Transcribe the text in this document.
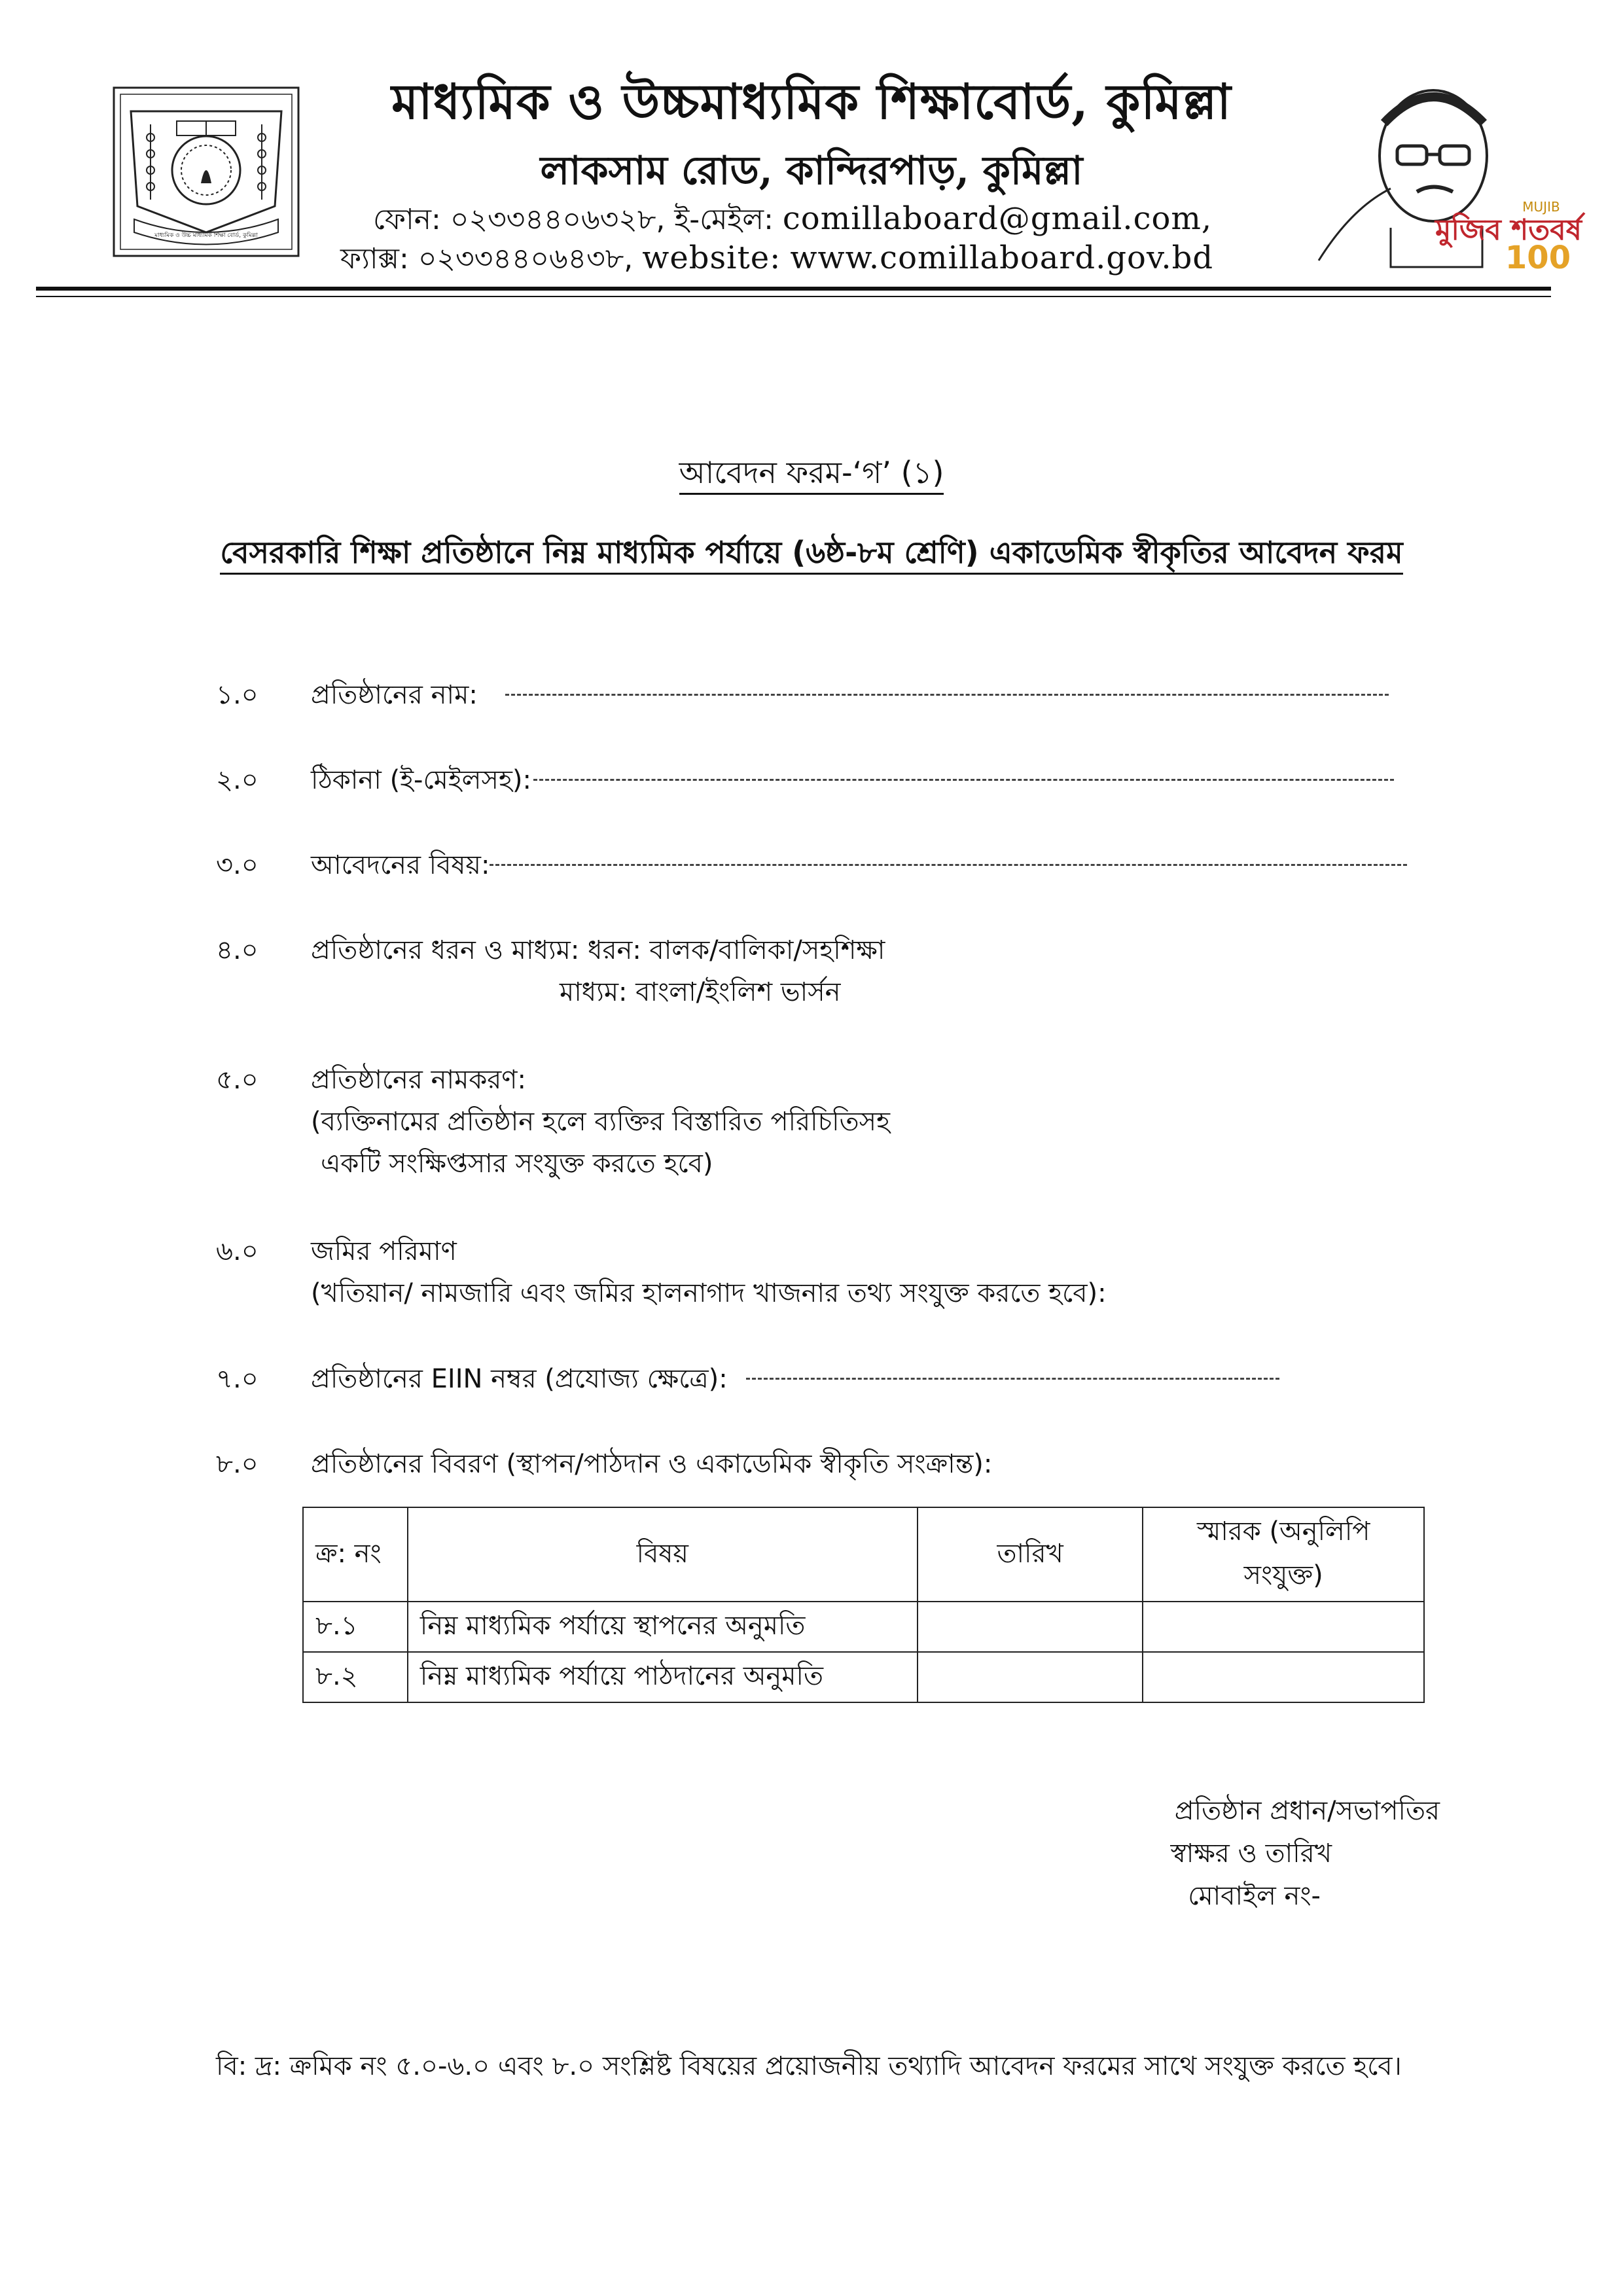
মাধ্যমিক ও উচ্চ মাধ্যমিক শিক্ষা বোর্ড, কুমিল্লা
মাধ্যমিক ও উচ্চমাধ্যমিক শিক্ষাবোর্ড, কুমিল্লা
লাকসাম রোড, কান্দিরপাড়, কুমিল্লা
ফোন: ০২৩৩৪৪০৬৩২৮, ই-মেইল: comillaboard@gmail.com,
ফ্যাক্স: ০২৩৩৪৪০৬৪৩৮, website: www.comillaboard.gov.bd
মুজিব শতবর্ষ
MUJIB
100
আবেদন ফরম-‘গ’ (১)
বেসরকারি শিক্ষা প্রতিষ্ঠানে নিম্ন মাধ্যমিক পর্যায়ে (৬ষ্ঠ-৮ম শ্রেণি) একাডেমিক স্বীকৃতির আবেদন ফরম
১.০ প্রতিষ্ঠানের নাম:
২.০ ঠিকানা (ই-মেইলসহ):
৩.০ আবেদনের বিষয়:
৪.০ প্রতিষ্ঠানের ধরন ও মাধ্যম: ধরন: বালক/বালিকা/সহশিক্ষা
মাধ্যম: বাংলা/ইংলিশ ভার্সন
৫.০ প্রতিষ্ঠানের নামকরণ:
(ব্যক্তিনামের প্রতিষ্ঠান হলে ব্যক্তির বিস্তারিত পরিচিতিসহ
একটি সংক্ষিপ্তসার সংযুক্ত করতে হবে)
৬.০ জমির পরিমাণ
(খতিয়ান/ নামজারি এবং জমির হালনাগাদ খাজনার তথ্য সংযুক্ত করতে হবে):
৭.০ প্রতিষ্ঠানের EIIN নম্বর (প্রযোজ্য ক্ষেত্রে):
৮.০ প্রতিষ্ঠানের বিবরণ (স্থাপন/পাঠদান ও একাডেমিক স্বীকৃতি সংক্রান্ত):
ক্র: নং	বিষয়	তারিখ	স্মারক (অনুলিপি সংযুক্ত)
৮.১	নিম্ন মাধ্যমিক পর্যায়ে স্থাপনের অনুমতি		
৮.২	নিম্ন মাধ্যমিক পর্যায়ে পাঠদানের অনুমতি		
প্রতিষ্ঠান প্রধান/সভাপতির
স্বাক্ষর ও তারিখ
মোবাইল নং-
বি: দ্র: ক্রমিক নং ৫.০-৬.০ এবং ৮.০ সংশ্লিষ্ট বিষয়ের প্রয়োজনীয় তথ্যাদি আবেদন ফরমের সাথে সংযুক্ত করতে হবে।
